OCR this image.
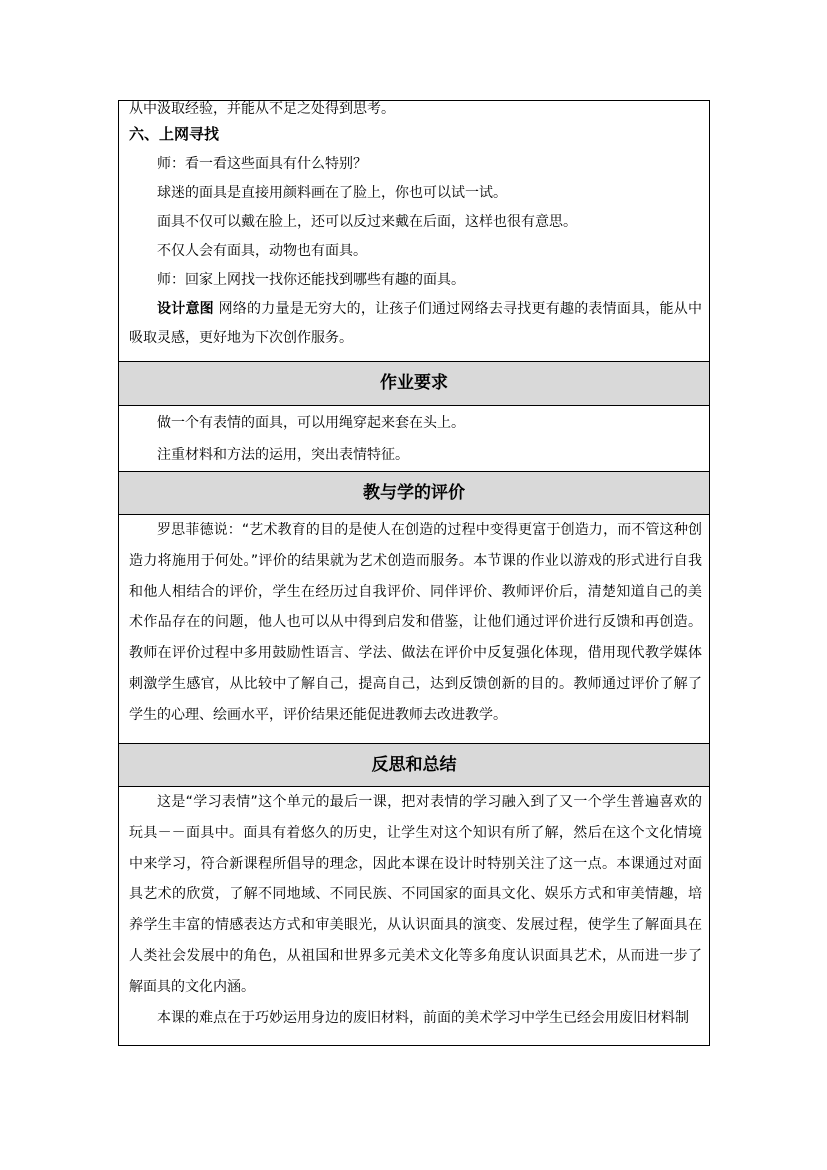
从中汲取经验，并能从不足之处得到思考。

六、上网寻找

师：看一看这些面具有什么特别？

球迷的面具是直接用颜料画在了脸上，你也可以试一试。

面具不仅可以戴在脸上，还可以反过来戴在后面，这样也很有意思。

不仅人会有面具，动物也有面具。

师：回家上网找一找你还能找到哪些有趣的面具。

设计意图 网络的力量是无穷大的，让孩子们通过网络去寻找更有趣的表情面具，能从中吸取灵感，更好地为下次创作服务。

作业要求

做一个有表情的面具，可以用绳穿起来套在头上。

注重材料和方法的运用，突出表情特征。

教与学的评价

罗思菲德说：“艺术教育的目的是使人在创造的过程中变得更富于创造力，而不管这种创造力将施用于何处。”评价的结果就为艺术创造而服务。本节课的作业以游戏的形式进行自我和他人相结合的评价，学生在经历过自我评价、同伴评价、教师评价后，清楚知道自己的美术作品存在的问题，他人也可以从中得到启发和借鉴，让他们通过评价进行反馈和再创造。教师在评价过程中多用鼓励性语言、学法、做法在评价中反复强化体现，借用现代教学媒体刺激学生感官，从比较中了解自己，提高自己，达到反馈创新的目的。教师通过评价了解了学生的心理、绘画水平，评价结果还能促进教师去改进教学。

反思和总结

这是“学习表情”这个单元的最后一课，把对表情的学习融入到了又一个学生普遍喜欢的玩具－－面具中。面具有着悠久的历史，让学生对这个知识有所了解，然后在这个文化情境中来学习，符合新课程所倡导的理念，因此本课在设计时特别关注了这一点。本课通过对面具艺术的欣赏，了解不同地域、不同民族、不同国家的面具文化、娱乐方式和审美情趣，培养学生丰富的情感表达方式和审美眼光，从认识面具的演变、发展过程，使学生了解面具在人类社会发展中的角色，从祖国和世界多元美术文化等多角度认识面具艺术，从而进一步了解面具的文化内涵。

本课的难点在于巧妙运用身边的废旧材料，前面的美术学习中学生已经会用废旧材料制
